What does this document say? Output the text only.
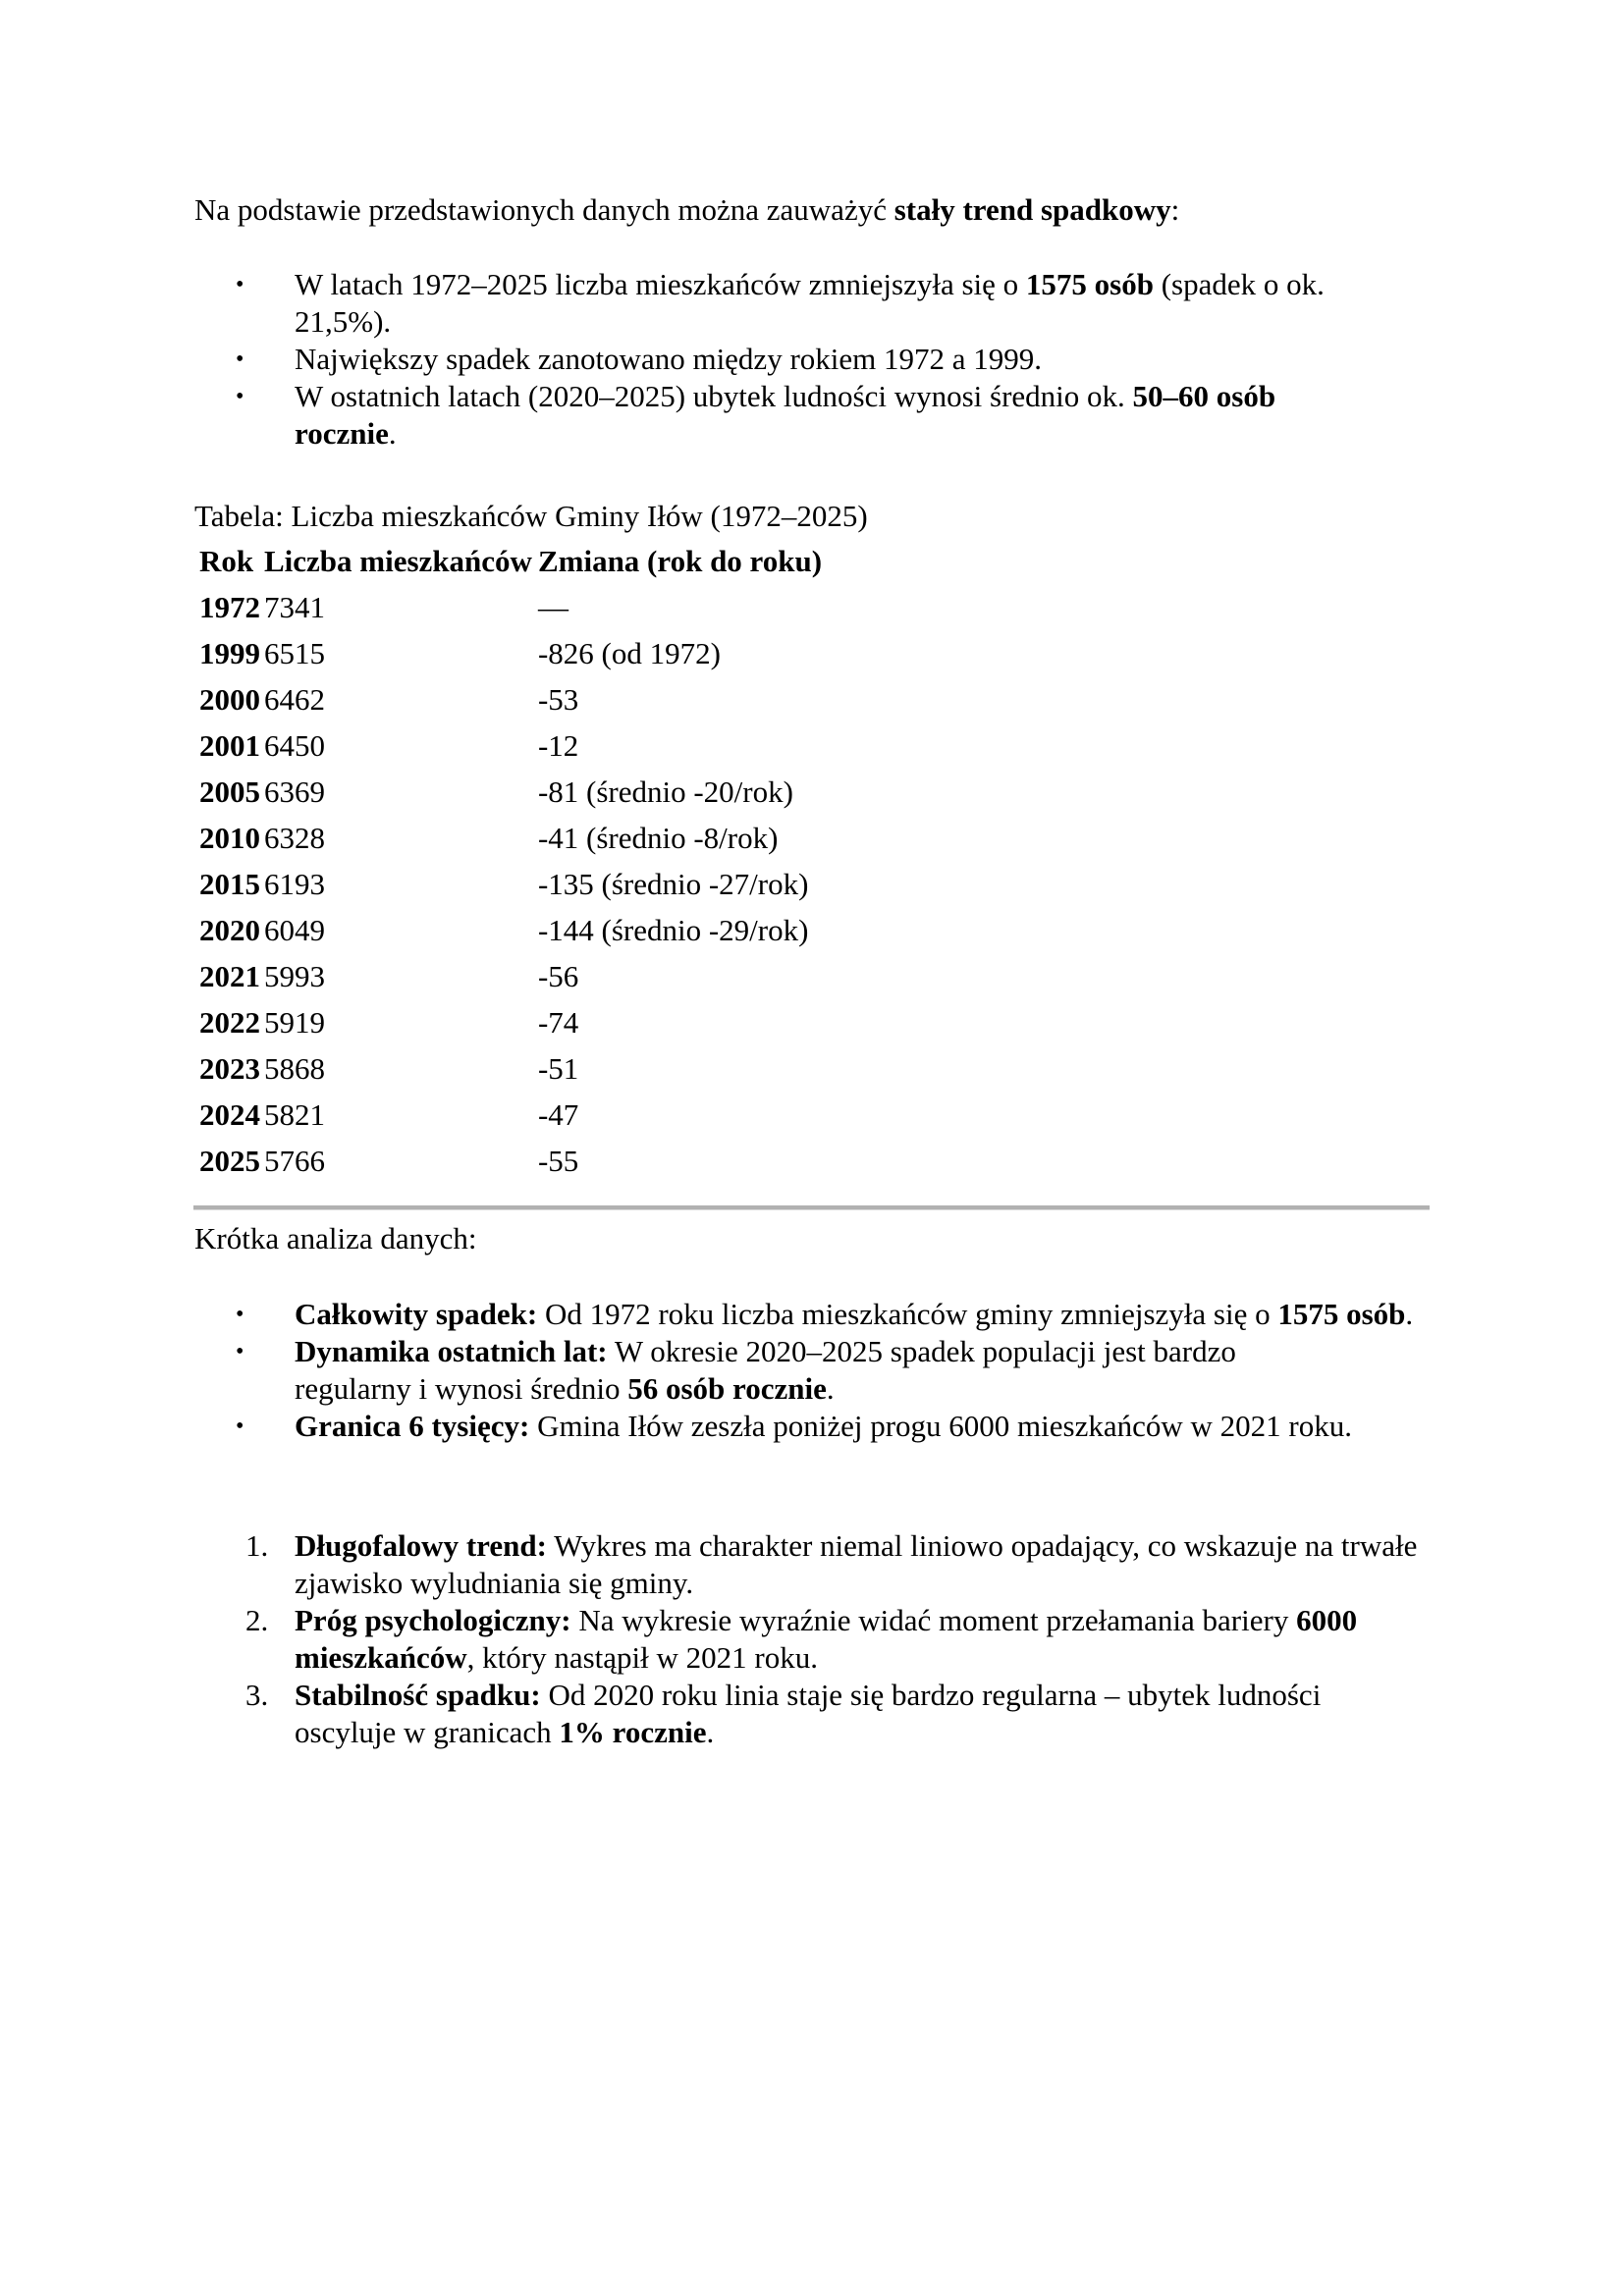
Na podstawie przedstawionych danych można zauważyć stały trend spadkowy:

• W latach 1972–2025 liczba mieszkańców zmniejszyła się o 1575 osób (spadek o ok. 21,5%).
• Największy spadek zanotowano między rokiem 1972 a 1999.
• W ostatnich latach (2020–2025) ubytek ludności wynosi średnio ok. 50–60 osób rocznie.

Tabela: Liczba mieszkańców Gminy Iłów (1972–2025)

Rok	Liczba mieszkańców	Zmiana (rok do roku)
1972	7341	—
1999	6515	-826 (od 1972)
2000	6462	-53
2001	6450	-12
2005	6369	-81 (średnio -20/rok)
2010	6328	-41 (średnio -8/rok)
2015	6193	-135 (średnio -27/rok)
2020	6049	-144 (średnio -29/rok)
2021	5993	-56
2022	5919	-74
2023	5868	-51
2024	5821	-47
2025	5766	-55

Krótka analiza danych:

• Całkowity spadek: Od 1972 roku liczba mieszkańców gminy zmniejszyła się o 1575 osób.
• Dynamika ostatnich lat: W okresie 2020–2025 spadek populacji jest bardzo regularny i wynosi średnio 56 osób rocznie.
• Granica 6 tysięcy: Gmina Iłów zeszła poniżej progu 6000 mieszkańców w 2021 roku.
1. Długofalowy trend: Wykres ma charakter niemal liniowo opadający, co wskazuje na trwałe zjawisko wyludniania się gminy.
2. Próg psychologiczny: Na wykresie wyraźnie widać moment przełamania bariery 6000 mieszkańców, który nastąpił w 2021 roku.
3. Stabilność spadku: Od 2020 roku linia staje się bardzo regularna – ubytek ludności oscyluje w granicach 1% rocznie.
